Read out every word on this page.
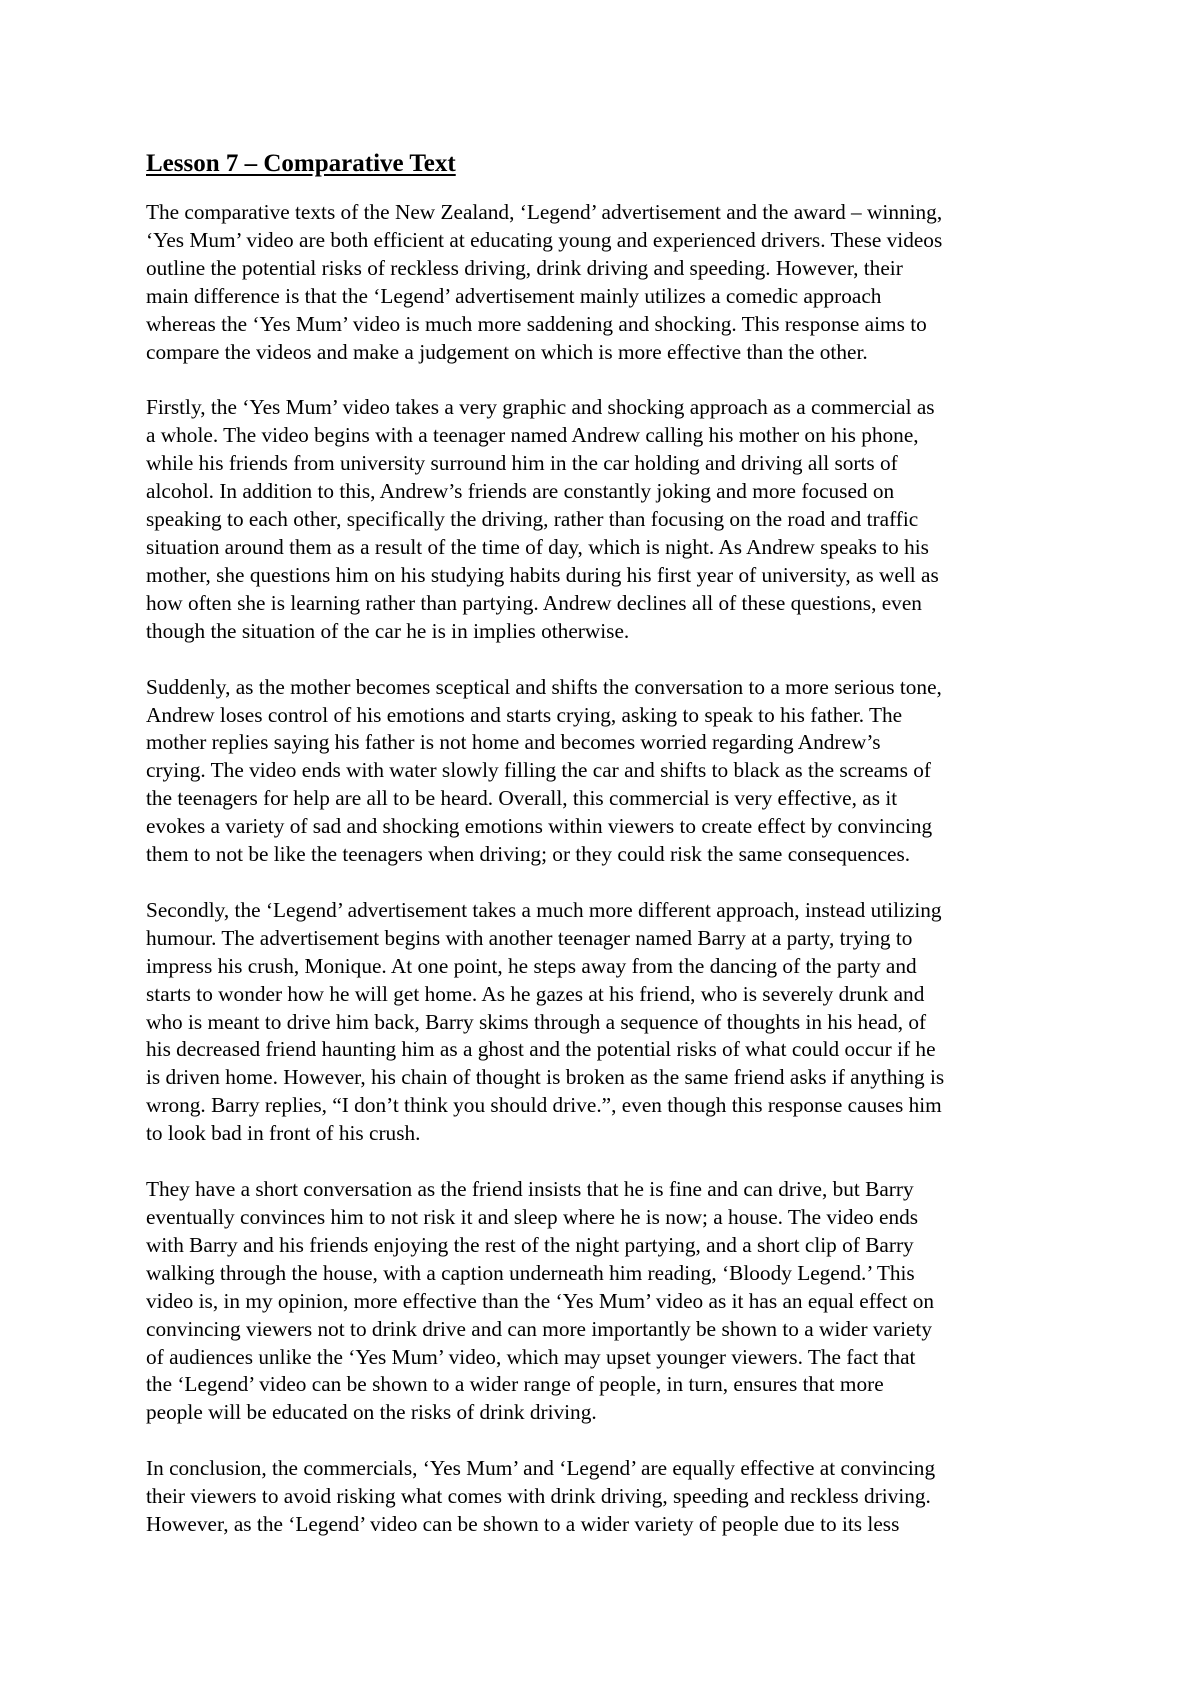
Lesson 7 – Comparative Text

The comparative texts of the New Zealand, ‘Legend’ advertisement and the award – winning,
‘Yes Mum’ video are both efficient at educating young and experienced drivers. These videos
outline the potential risks of reckless driving, drink driving and speeding. However, their
main difference is that the ‘Legend’ advertisement mainly utilizes a comedic approach
whereas the ‘Yes Mum’ video is much more saddening and shocking. This response aims to
compare the videos and make a judgement on which is more effective than the other.

Firstly, the ‘Yes Mum’ video takes a very graphic and shocking approach as a commercial as
a whole. The video begins with a teenager named Andrew calling his mother on his phone,
while his friends from university surround him in the car holding and driving all sorts of
alcohol. In addition to this, Andrew’s friends are constantly joking and more focused on
speaking to each other, specifically the driving, rather than focusing on the road and traffic
situation around them as a result of the time of day, which is night. As Andrew speaks to his
mother, she questions him on his studying habits during his first year of university, as well as
how often she is learning rather than partying. Andrew declines all of these questions, even
though the situation of the car he is in implies otherwise.

Suddenly, as the mother becomes sceptical and shifts the conversation to a more serious tone,
Andrew loses control of his emotions and starts crying, asking to speak to his father. The
mother replies saying his father is not home and becomes worried regarding Andrew’s
crying. The video ends with water slowly filling the car and shifts to black as the screams of
the teenagers for help are all to be heard. Overall, this commercial is very effective, as it
evokes a variety of sad and shocking emotions within viewers to create effect by convincing
them to not be like the teenagers when driving; or they could risk the same consequences.

Secondly, the ‘Legend’ advertisement takes a much more different approach, instead utilizing
humour. The advertisement begins with another teenager named Barry at a party, trying to
impress his crush, Monique. At one point, he steps away from the dancing of the party and
starts to wonder how he will get home. As he gazes at his friend, who is severely drunk and
who is meant to drive him back, Barry skims through a sequence of thoughts in his head, of
his decreased friend haunting him as a ghost and the potential risks of what could occur if he
is driven home. However, his chain of thought is broken as the same friend asks if anything is
wrong. Barry replies, “I don’t think you should drive.”, even though this response causes him
to look bad in front of his crush.

They have a short conversation as the friend insists that he is fine and can drive, but Barry
eventually convinces him to not risk it and sleep where he is now; a house. The video ends
with Barry and his friends enjoying the rest of the night partying, and a short clip of Barry
walking through the house, with a caption underneath him reading, ‘Bloody Legend.’ This
video is, in my opinion, more effective than the ‘Yes Mum’ video as it has an equal effect on
convincing viewers not to drink drive and can more importantly be shown to a wider variety
of audiences unlike the ‘Yes Mum’ video, which may upset younger viewers. The fact that
the ‘Legend’ video can be shown to a wider range of people, in turn, ensures that more
people will be educated on the risks of drink driving.

In conclusion, the commercials, ‘Yes Mum’ and ‘Legend’ are equally effective at convincing
their viewers to avoid risking what comes with drink driving, speeding and reckless driving.
However, as the ‘Legend’ video can be shown to a wider variety of people due to its less
